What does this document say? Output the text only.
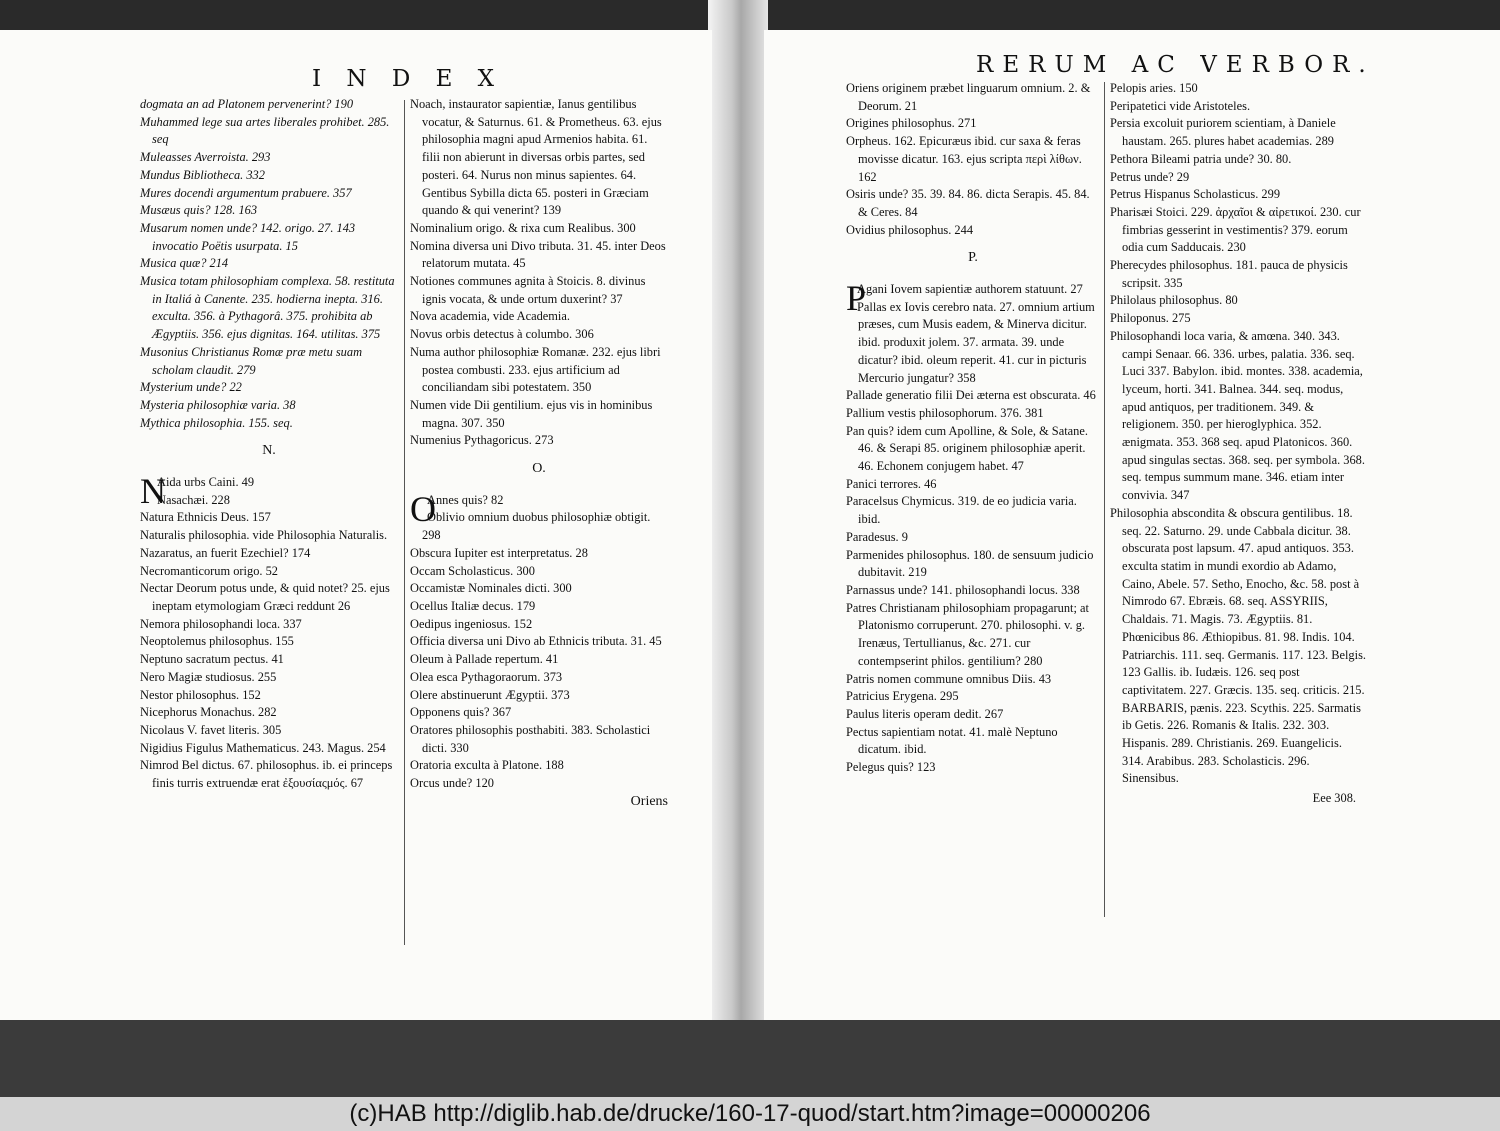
I N D E X
dogmata an ad Platonem pervenerint? 190
Muhammed lege sua artes liberales prohibet. 285. seq
Muleasses Averroista. 293
Mundus Bibliotheca. 332
Mures docendi argumentum prabuere. 357
Musæus quis? 128. 163
Musarum nomen unde? 142. origo. 27. 143 invocatio Poëtis usurpata. 15
Musica quæ? 214
Musica totam philosophiam complexa. 58. restituta in Italiá à Canente. 235. hodierna inepta. 316. exculta. 356. à Pythagorâ. 375. prohibita ab Ægyptiis. 356. ejus dignitas. 164. utilitas. 375
Musonius Christianus Romæ præ metu suam scholam claudit. 279
Mysterium unde? 22
Mysteria philosophiæ varia. 38
Mythica philosophia. 155. seq.
N.
N
Aida urbs Caini. 49
Nasachæi. 228
Natura Ethnicis Deus. 157
Naturalis philosophia. vide Philosophia Naturalis.
Nazaratus, an fuerit Ezechiel? 174
Necromanticorum origo. 52
Nectar Deorum potus unde, & quid notet? 25. ejus ineptam etymologiam Græci reddunt 26
Nemora philosophandi loca. 337
Neoptolemus philosophus. 155
Neptuno sacratum pectus. 41
Nero Magiæ studiosus. 255
Nestor philosophus. 152
Nicephorus Monachus. 282
Nicolaus V. favet literis. 305
Nigidius Figulus Mathematicus. 243. Magus. 254
Nimrod Bel dictus. 67. philosophus. ib. ei princeps finis turris extruendæ erat ἐξουσίαςμός. 67
Noach, instaurator sapientiæ, Ianus gentilibus vocatur, & Saturnus. 61. & Prometheus. 63. ejus philosophia magni apud Armenios habita. 61. filii non abierunt in diversas orbis partes, sed posteri. 64. Nurus non minus sapientes. 64. Gentibus Sybilla dicta 65. posteri in Græciam quando & qui venerint? 139
Nominalium origo. & rixa cum Realibus. 300
Nomina diversa uni Divo tributa. 31. 45. inter Deos relatorum mutata. 45
Notiones communes agnita à Stoicis. 8. divinus ignis vocata, & unde ortum duxerint? 37
Nova academia, vide Academia.
Novus orbis detectus à columbo. 306
Numa author philosophiæ Romanæ. 232. ejus libri postea combusti. 233. ejus artificium ad conciliandam sibi potestatem. 350
Numen vide Dii gentilium. ejus vis in hominibus magna. 307. 350
Numenius Pythagoricus. 273
O.
O
Annes quis? 82
Oblivio omnium duobus philosophiæ obtigit. 298
Obscura Iupiter est interpretatus. 28
Occam Scholasticus. 300
Occamistæ Nominales dicti. 300
Ocellus Italiæ decus. 179
Oedipus ingeniosus. 152
Officia diversa uni Divo ab Ethnicis tributa. 31. 45
Oleum à Pallade repertum. 41
Olea esca Pythagoraorum. 373
Olere abstinuerunt Ægyptii. 373
Opponens quis? 367
Oratores philosophis posthabiti. 383. Scholastici dicti. 330
Oratoria exculta à Platone. 188
Orcus unde? 120
Oriens
RERUM AC VERBOR.
Oriens originem præbet linguarum omnium. 2. & Deorum. 21
Origines philosophus. 271
Orpheus. 162. Epicuræus ibid. cur saxa & feras movisse dicatur. 163. ejus scripta περὶ λίθων. 162
Osiris unde? 35. 39. 84. 86. dicta Serapis. 45. 84. & Ceres. 84
Ovidius philosophus. 244
P.
P
Agani Iovem sapientiæ authorem statuunt. 27
Pallas ex Iovis cerebro nata. 27. omnium artium præses, cum Musis eadem, & Minerva dicitur. ibid. produxit jolem. 37. armata. 39. unde dicatur? ibid. oleum reperit. 41. cur in picturis Mercurio jungatur? 358
Pallade generatio filii Dei æterna est obscurata. 46
Pallium vestis philosophorum. 376. 381
Pan quis? idem cum Apolline, & Sole, & Satane. 46. & Serapi 85. originem philosophiæ aperit. 46. Echonem conjugem habet. 47
Panici terrores. 46
Paracelsus Chymicus. 319. de eo judicia varia. ibid.
Paradesus. 9
Parmenides philosophus. 180. de sensuum judicio dubitavit. 219
Parnassus unde? 141. philosophandi locus. 338
Patres Christianam philosophiam propagarunt; at Platonismo corruperunt. 270. philosophi. v. g. Irenæus, Tertullianus, &c. 271. cur contempserint philos. gentilium? 280
Patris nomen commune omnibus Diis. 43
Patricius Erygena. 295
Paulus literis operam dedit. 267
Pectus sapientiam notat. 41. malè Neptuno dicatum. ibid.
Pelegus quis? 123
Pelopis aries. 150
Peripatetici vide Aristoteles.
Persia excoluit puriorem scientiam, à Daniele haustam. 265. plures habet academias. 289
Pethora Bileami patria unde? 30. 80.
Petrus unde? 29
Petrus Hispanus Scholasticus. 299
Pharisæi Stoici. 229. ἀρχαῖοι & αἰρετικοί. 230. cur fimbrias gesserint in vestimentis? 379. eorum odia cum Sadducais. 230
Pherecydes philosophus. 181. pauca de physicis scripsit. 335
Philolaus philosophus. 80
Philoponus. 275
Philosophandi loca varia, & amœna. 340. 343. campi Senaar. 66. 336. urbes, palatia. 336. seq. Luci 337. Babylon. ibid. montes. 338. academia, lyceum, horti. 341. Balnea. 344. seq. modus, apud antiquos, per traditionem. 349. & religionem. 350. per hieroglyphica. 352. ænigmata. 353. 368 seq. apud Platonicos. 360. apud singulas sectas. 368. seq. per symbola. 368. seq. tempus summum mane. 346. etiam inter convivia. 347
Philosophia abscondita & obscura gentilibus. 18. seq. 22. Saturno. 29. unde Cabbala dicitur. 38. obscurata post lapsum. 47. apud antiquos. 353. exculta statim in mundi exordio ab Adamo, Caino, Abele. 57. Setho, Enocho, &c. 58. post à Nimrodo 67. Ebræis. 68. seq. ASSYRIIS, Chaldais. 71. Magis. 73. Ægyptiis. 81. Phœnicibus 86. Æthiopibus. 81. 98. Indis. 104. Patriarchis. 111. seq. Germanis. 117. 123. Belgis. 123 Gallis. ib. Iudæis. 126. seq post captivitatem. 227. Græcis. 135. seq. criticis. 215. BARBARIS, pænis. 223. Scythis. 225. Sarmatis ib Getis. 226. Romanis & Italis. 232. 303. Hispanis. 289. Christianis. 269. Euangelicis. 314. Arabibus. 283. Scholasticis. 296. Sinensibus.
Eee 308.
(c)HAB http://diglib.hab.de/drucke/160-17-quod/start.htm?image=00000206
